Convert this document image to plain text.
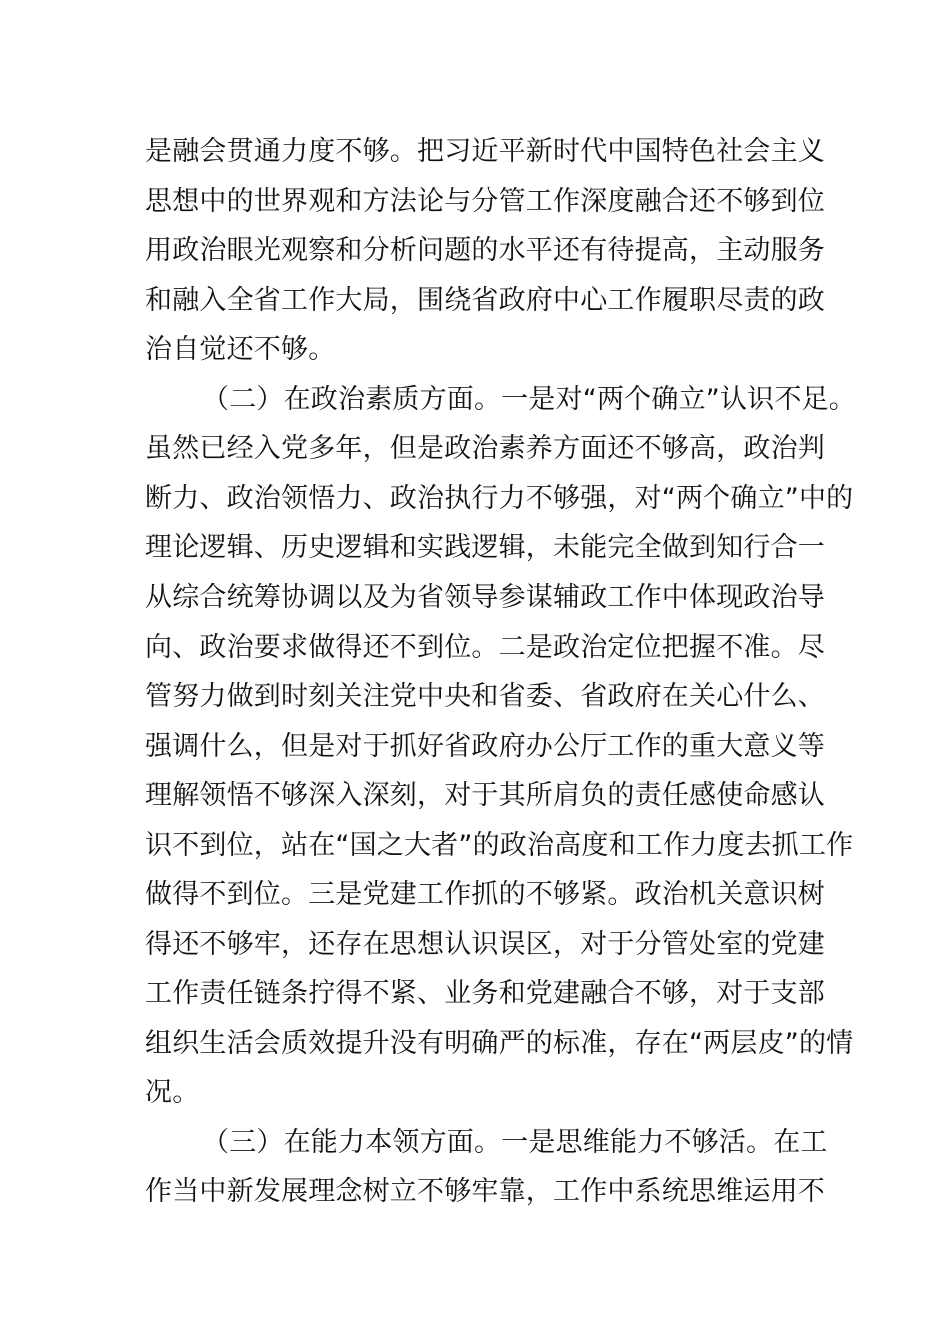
是融会贯通力度不够。把习近平新时代中国特色社会主义
思想中的世界观和方法论与分管工作深度融合还不够到位
用政治眼光观察和分析问题的水平还有待提高，主动服务
和融入全省工作大局，围绕省政府中心工作履职尽责的政
治自觉还不够。
（二）在政治素质方面。一是对“两个确立”认识不足。
虽然已经入党多年，但是政治素养方面还不够高，政治判
断力、政治领悟力、政治执行力不够强，对“两个确立”中的
理论逻辑、历史逻辑和实践逻辑，未能完全做到知行合一
从综合统筹协调以及为省领导参谋辅政工作中体现政治导
向、政治要求做得还不到位。二是政治定位把握不准。尽
管努力做到时刻关注党中央和省委、省政府在关心什么、
强调什么，但是对于抓好省政府办公厅工作的重大意义等
理解领悟不够深入深刻，对于其所肩负的责任感使命感认
识不到位，站在“国之大者”的政治高度和工作力度去抓工作
做得不到位。三是党建工作抓的不够紧。政治机关意识树
得还不够牢，还存在思想认识误区，对于分管处室的党建
工作责任链条拧得不紧、业务和党建融合不够，对于支部
组织生活会质效提升没有明确严的标准，存在“两层皮”的情
况。
（三）在能力本领方面。一是思维能力不够活。在工
作当中新发展理念树立不够牢靠，工作中系统思维运用不
